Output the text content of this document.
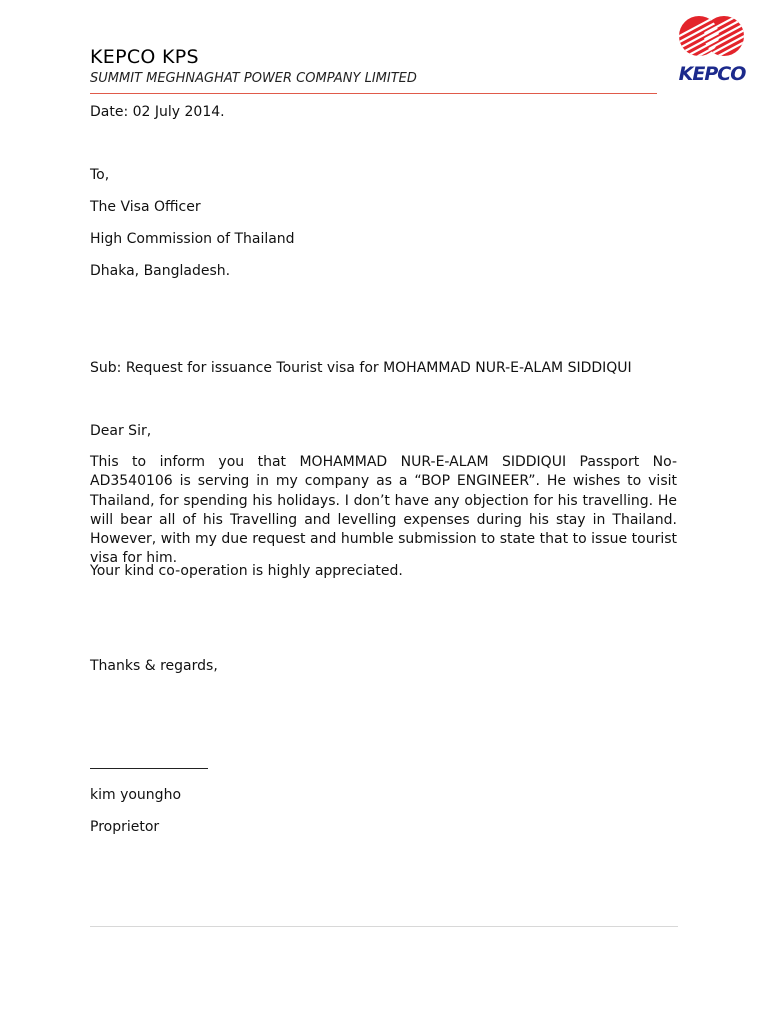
KEPCO KPS
SUMMIT MEGHNAGHAT POWER COMPANY LIMITED	KEPCO
Date: 02 July 2014.
To,
The Visa Officer
High Commission of Thailand
Dhaka, Bangladesh.
Sub: Request for issuance Tourist visa for MOHAMMAD NUR-E-ALAM SIDDIQUI
Dear Sir,
This to inform you that MOHAMMAD NUR-E-ALAM SIDDIQUI Passport No- AD3540106 is serving in my company as a “BOP ENGINEER”. He wishes to visit Thailand, for spending his holidays. I don’t have any objection for his travelling. He will bear all of his Travelling and levelling expenses during his stay in Thailand. However, with my due request and humble submission to state that to issue tourist visa for him.
Your kind co-operation is highly appreciated.
Thanks & regards,
kim youngho
Proprietor
